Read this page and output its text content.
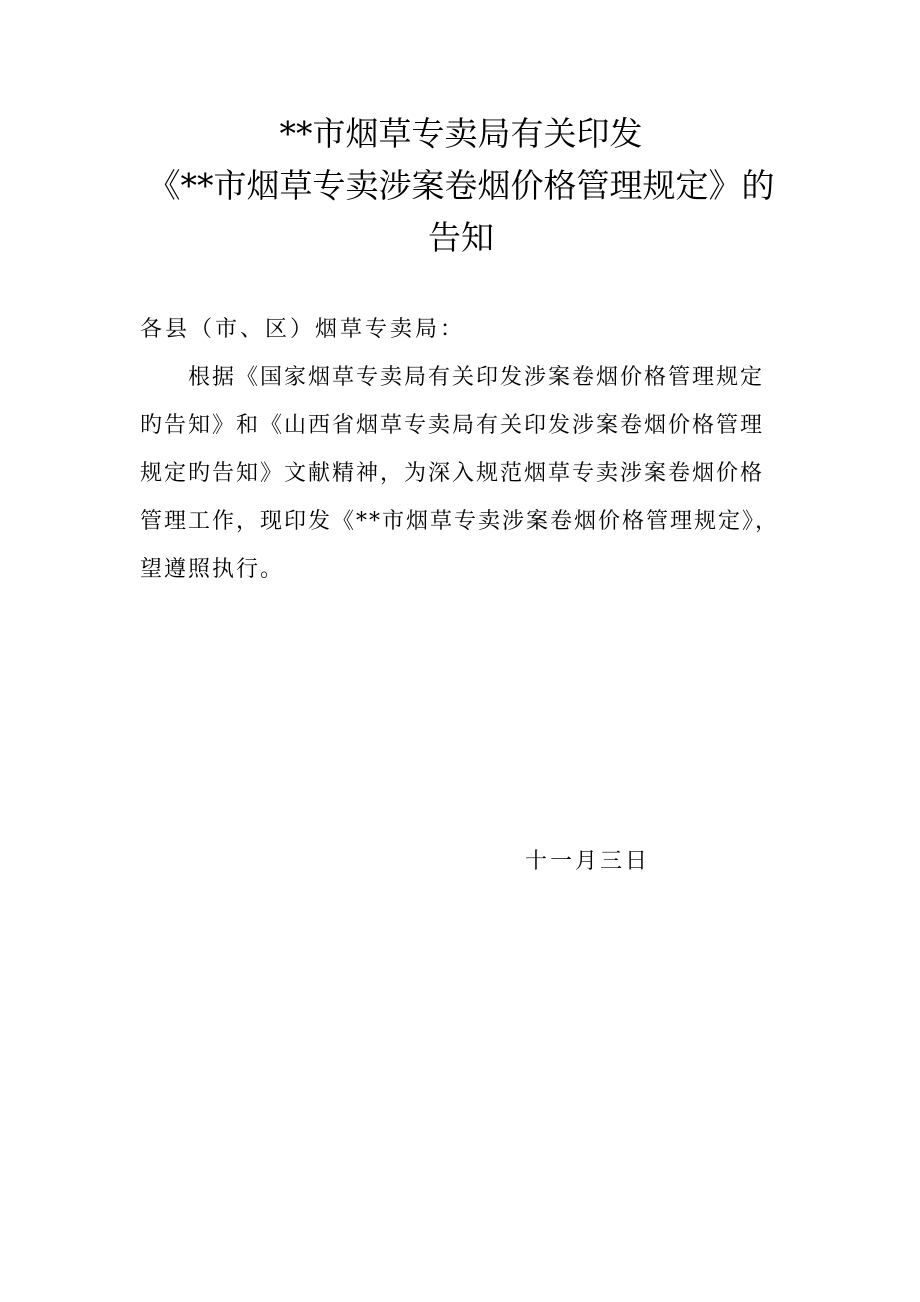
**市烟草专卖局有关印发
《**市烟草专卖涉案卷烟价格管理规定》的
告知
各县（市、区）烟草专卖局：
根据《国家烟草专卖局有关印发涉案卷烟价格管理规定
旳告知》和《山西省烟草专卖局有关印发涉案卷烟价格管理
规定旳告知》文献精神，为深入规范烟草专卖涉案卷烟价格
管理工作，现印发《**市烟草专卖涉案卷烟价格管理规定》，
望遵照执行。
十一月三日
